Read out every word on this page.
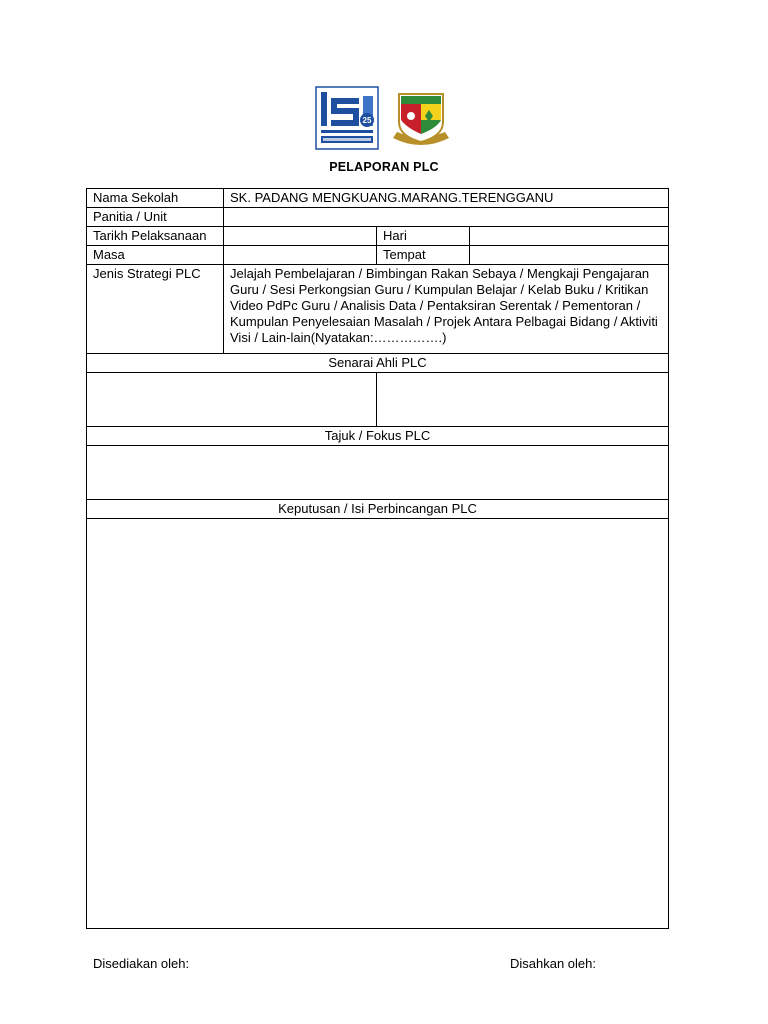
25
PELAPORAN PLC
Nama Sekolah	SK. PADANG MENGKUANG.MARANG.TERENGGANU		
Panitia / Unit			
Tarikh Pelaksanaan		Hari	
Masa		Tempat	
Jenis Strategi PLC	Jelajah Pembelajaran / Bimbingan Rakan Sebaya / Mengkaji Pengajaran Guru / Sesi Perkongsian Guru / Kumpulan Belajar / Kelab Buku / Kritikan Video PdPc Guru / Analisis Data / Pentaksiran Serentak / Pementoran / Kumpulan Penyelesaian Masalah / Projek Antara Pelbagai Bidang / Aktiviti Visi / Lain-lain(Nyatakan:…………….)		
Senarai Ahli PLC			

Tajuk / Fokus PLC			

Keputusan / Isi Perbincangan PLC			

Disediakan oleh:	Disahkan oleh:
